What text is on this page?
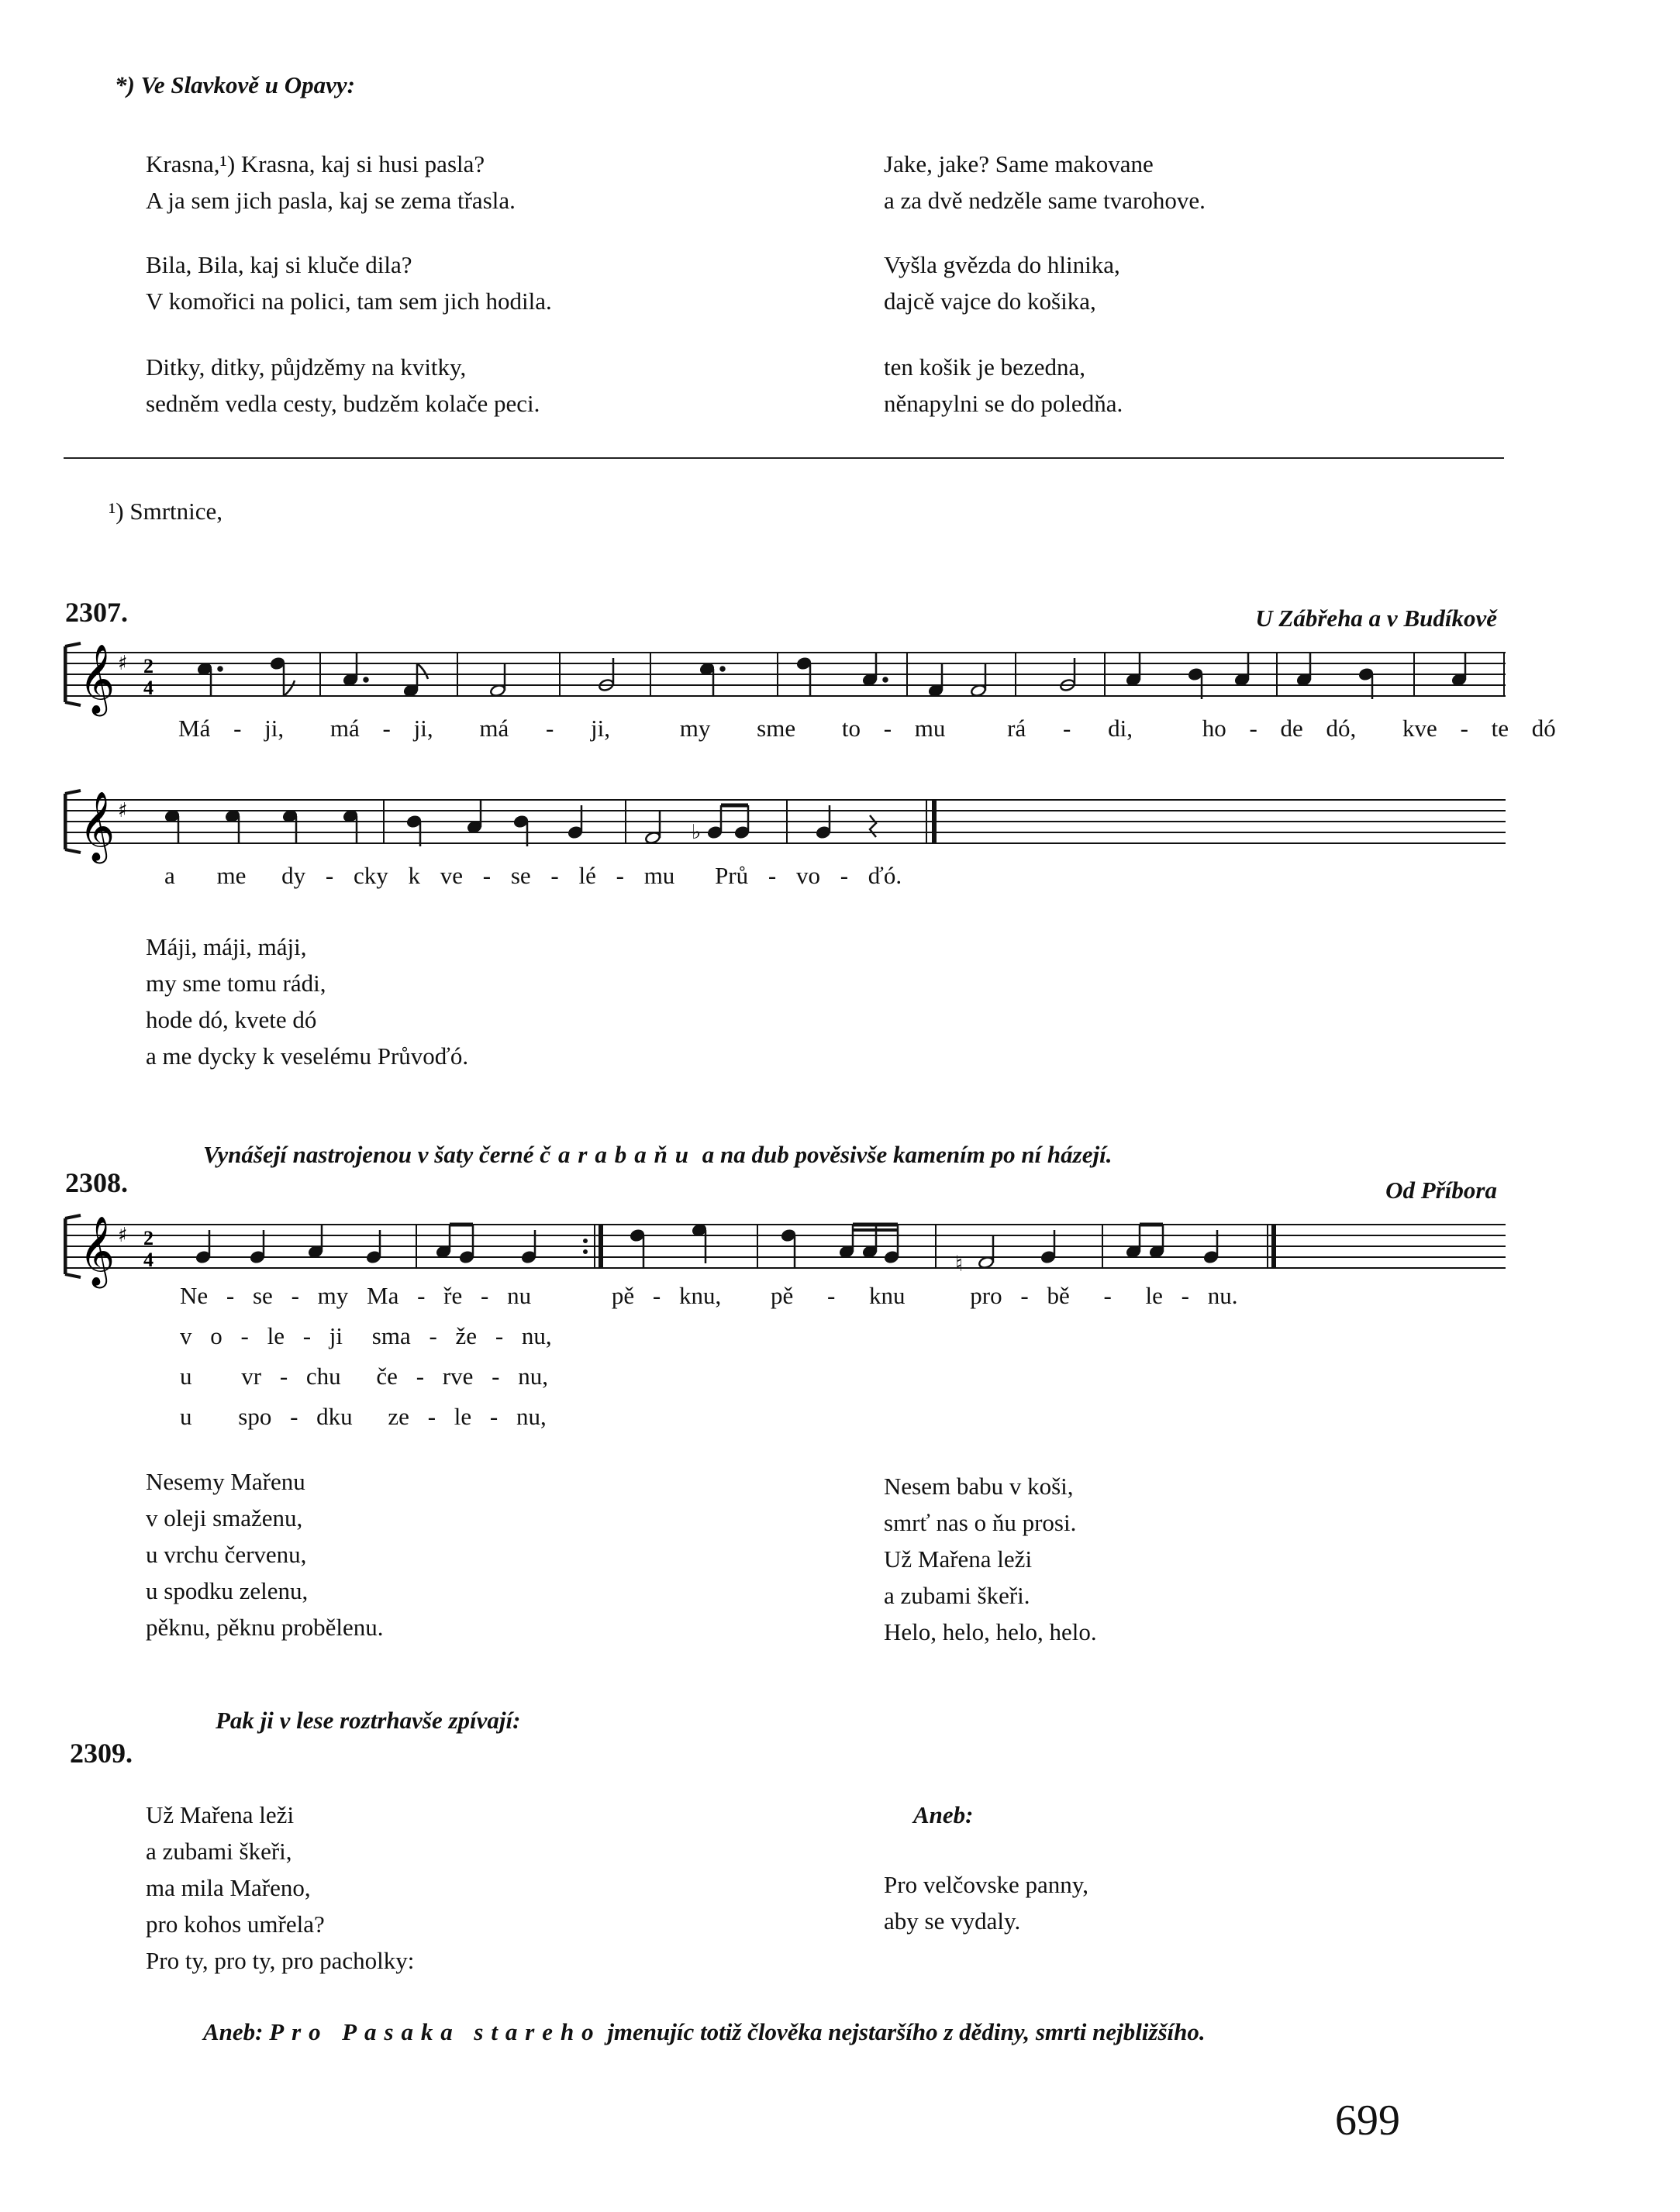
*) Ve Slavkově u Opavy:
Krasna,¹) Krasna, kaj si husi pasla?
A ja sem jich pasla, kaj se zema třasla.
Bila, Bila, kaj si kluče dila?
V komořici na polici, tam sem jich hodila.
Ditky, ditky, půjdzěmy na kvitky,
sedněm vedla cesty, budzěm kolače peci.
Jake, jake? Same makovane
a za dvě nedzěle same tvarohove.
Vyšla gvězda do hlinika,
dajcě vajce do košika,
ten košik je bezedna,
něnapylni se do poledňa.
¹) Smrtnice,
2307.	U Zábřeha a v Budíkově
𝄞 ♯ 2
4
Má - ji, má - ji, má - ji,	my sme to - mu	rá - di,	ho - de dó, kve - te dó
𝄞 ♯
♭
a me dy - cky k ve - se - lé - mu Prů - vo - ďó.
Máji, máji, máji,
my sme tomu rádi,
hode dó, kvete dó
a me dycky k veselému Průvoďó.
Vynášejí nastrojenou v šaty černé čarabaňu a na dub pověsivše kamením po ní házejí.
2308.	Od Příbora
𝄞 ♯ 2
4	♮
Ne - se - my Ma - ře - nu	pě - knu, pě - knu	pro - bě - le - nu.
v o - le - ji sma - že - nu,
u vr - chu če - rve - nu,
u spo - dku ze - le - nu,
Nesemy Mařenu
v oleji smaženu,
u vrchu červenu,
u spodku zelenu,
pěknu, pěknu probělenu.
Nesem babu v koši,
smrť nas o ňu prosi.
Už Mařena leži
a zubami škeři.
Helo, helo, helo, helo.
Pak ji v lese roztrhavše zpívají:
2309.
Už Mařena leži
a zubami škeři,
ma mila Mařeno,
pro kohos umřela?
Pro ty, pro ty, pro pacholky:
Aneb:
Pro velčovske panny,
aby se vydaly.
Aneb: Pro Pasaka stareho jmenujíc totiž člověka nejstaršího z dědiny, smrti nejbližšího.
699
